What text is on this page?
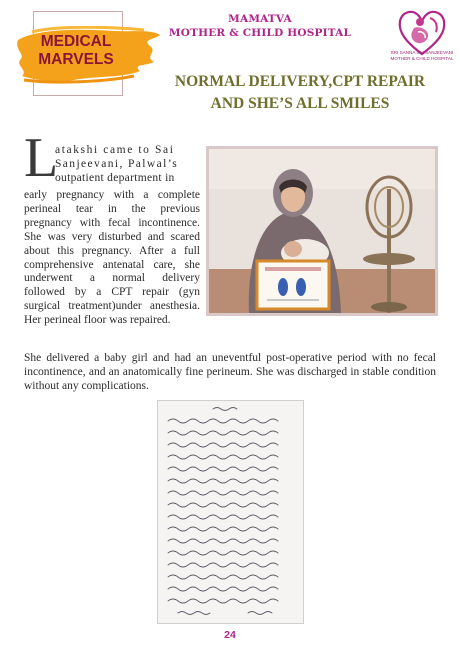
MEDICAL
MARVELS
MAMATVA
MOTHER & CHILD HOSPITAL
SRI SANNA SAI SANJEEVANI
MOTHER & CHILD HOSPITAL
NORMAL DELIVERY,CPT REPAIR
AND SHE’S ALL SMILES
L
atakshi came to Sai
Sanjeevani, Palwal’s
outpatient department in
early pregnancy with a complete perineal tear in the previous pregnancy with fecal incontinence. She was very disturbed and scared about this pregnancy. After a full comprehensive antenatal care, she underwent a normal delivery followed by a CPT repair (gyn surgical treatment)under anesthesia. Her perineal floor was repaired.
She delivered a baby girl and had an uneventful post-operative period with no fecal incontinence, and an anatomically fine perineum. She was discharged in stable condition without any complications.
24
